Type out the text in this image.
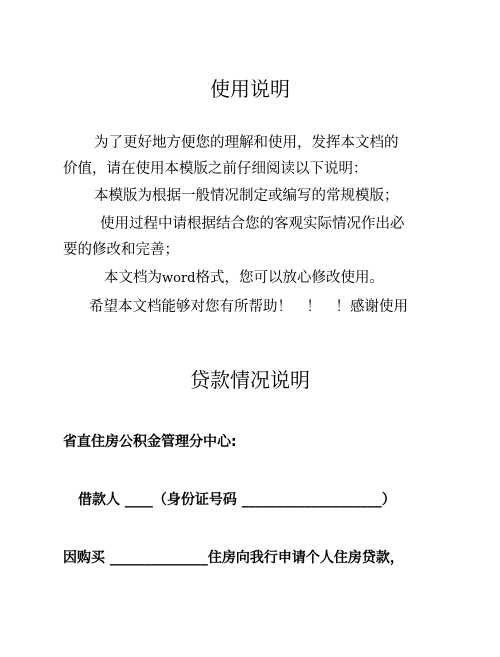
使用说明
为了更好地方便您的理解和使用，发挥本文档的
价值，请在使用本模版之前仔细阅读以下说明：
本模版为根据一般情况制定或编写的常规模版；
使用过程中请根据结合您的客观实际情况作出必
要的修改和完善；
本文档为word格式，您可以放心修改使用。
希望本文档能够对您有所帮助！　！　！感谢使用
贷款情况说明
省直住房公积金管理分中心:
借款人 ____（身份证号码 ____________________）
因购买 ______________住房向我行申请个人住房贷款，
